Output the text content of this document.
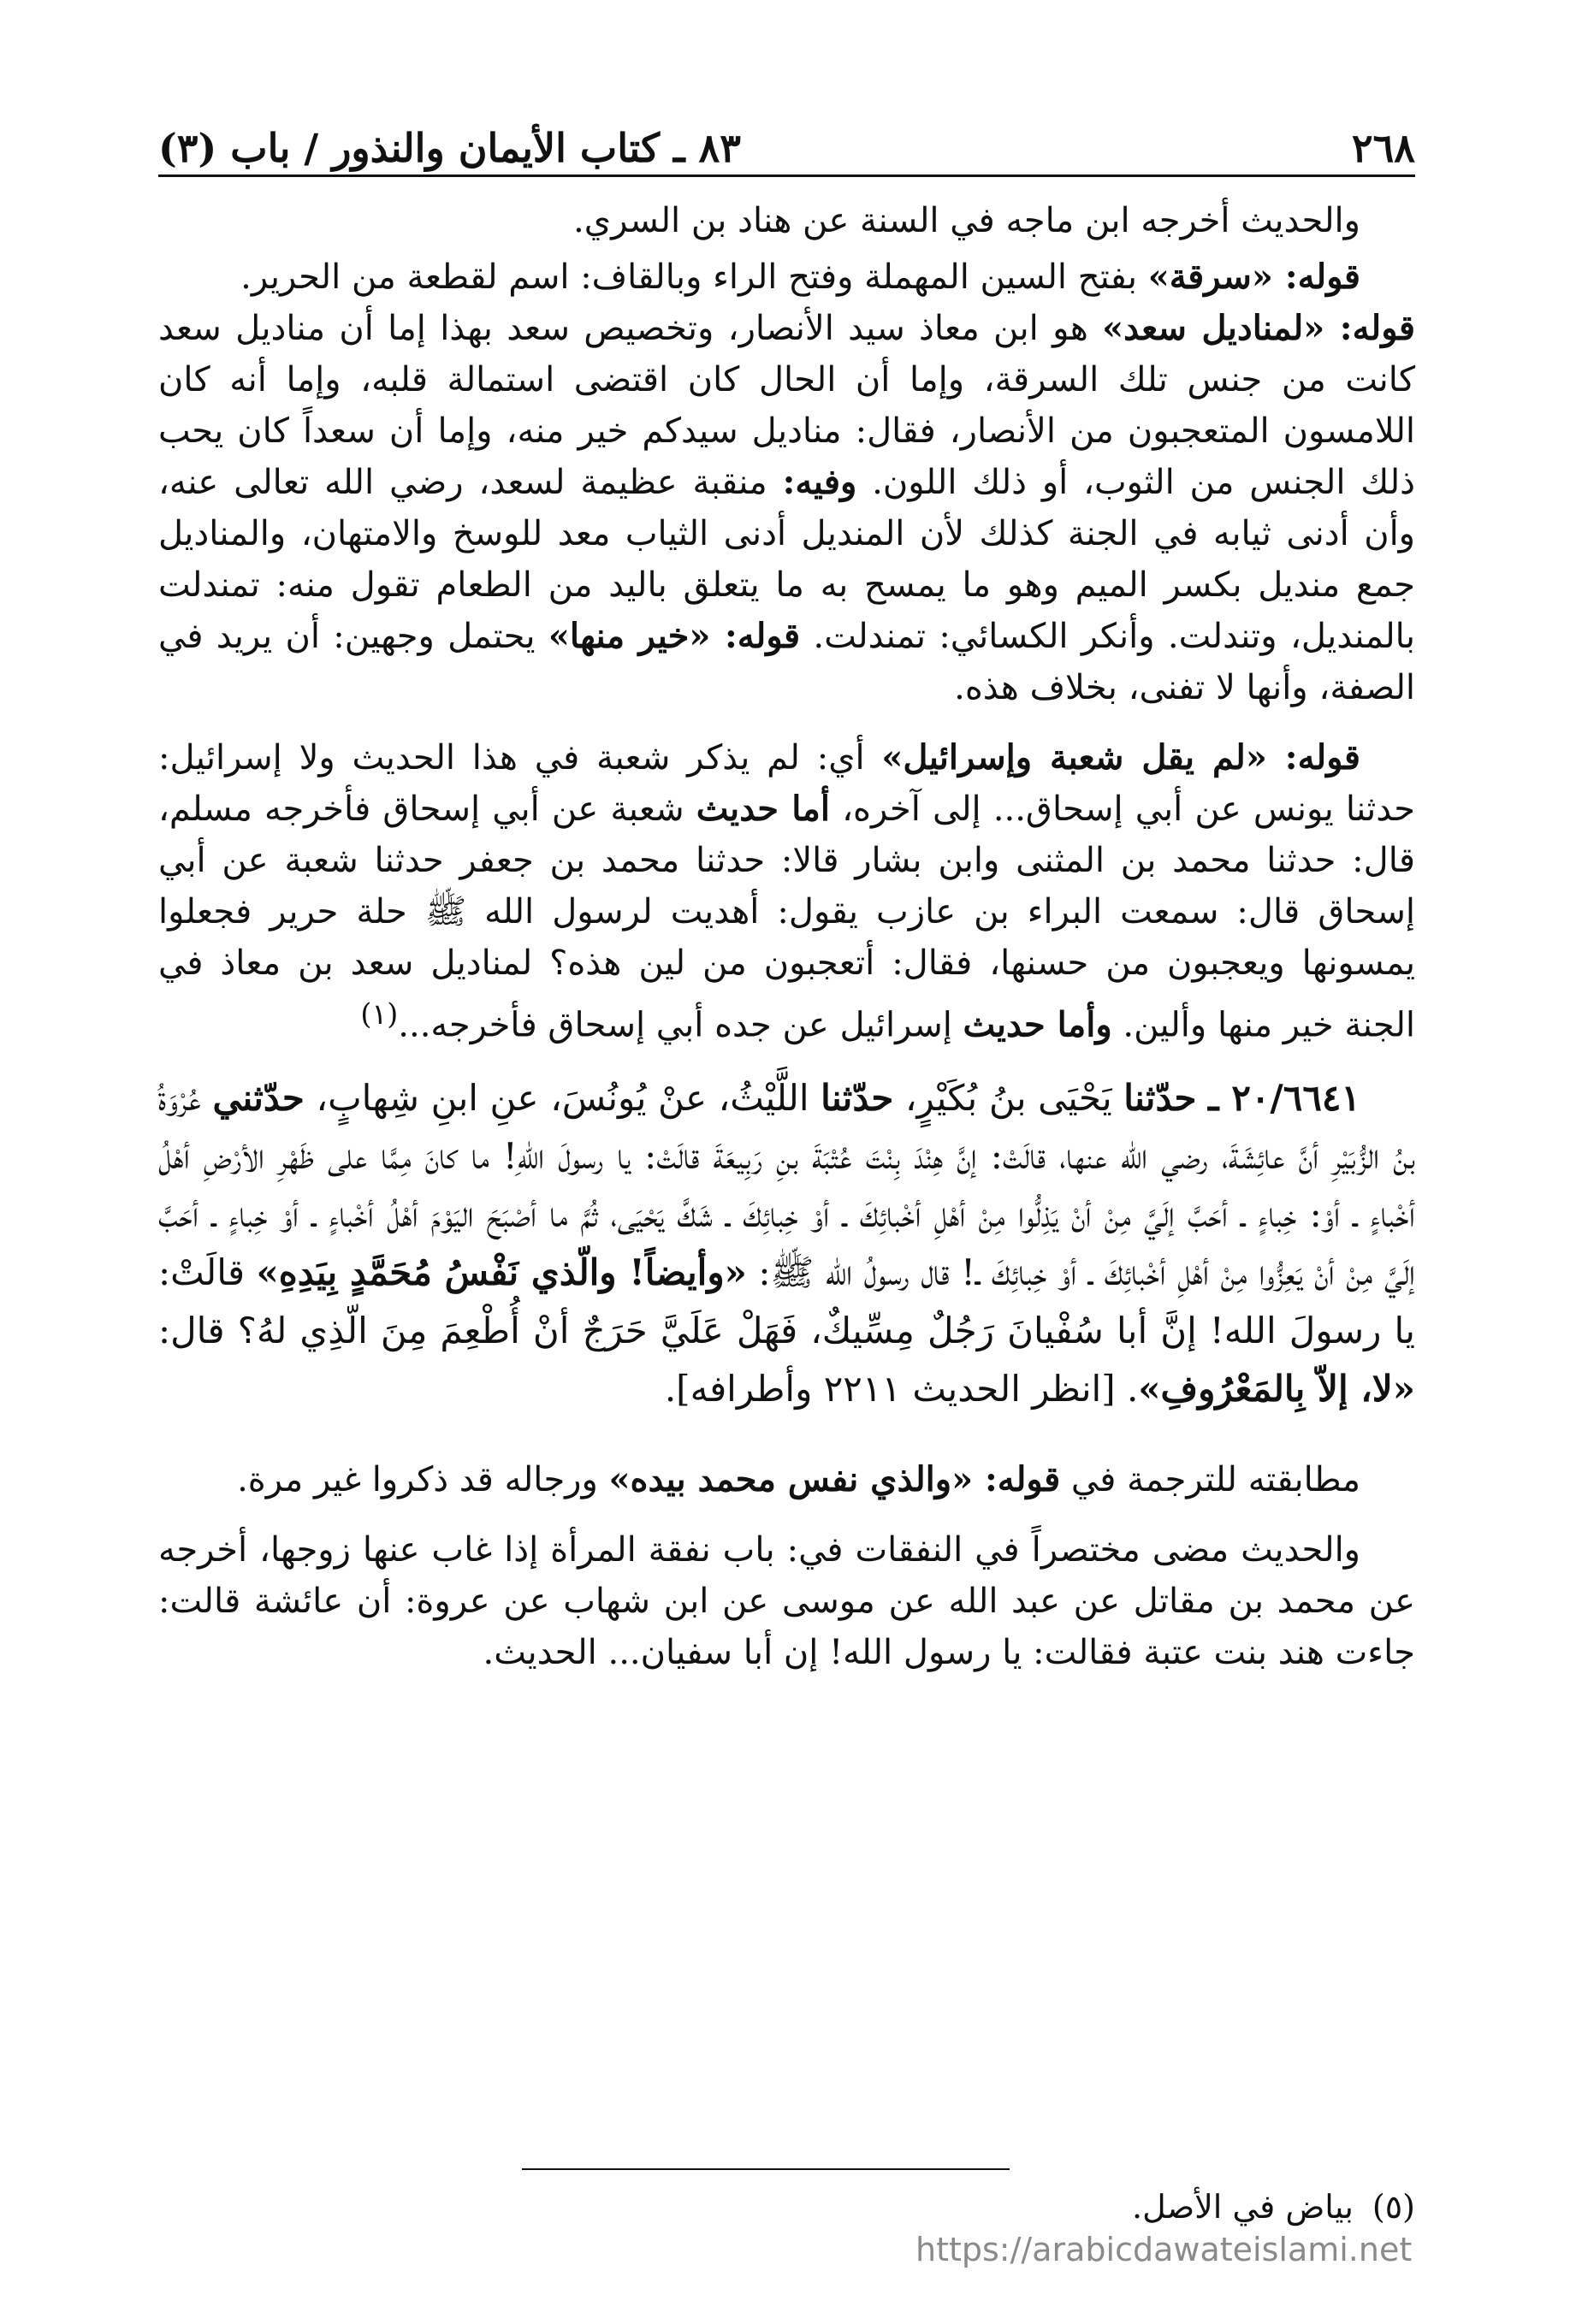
٢٦٨
٨٣ ـ كتاب الأيمان والنذور / باب (٣)

والحديث أخرجه ابن ماجه في السنة عن هناد بن السري.

قوله: «سرقة» بفتح السين المهملة وفتح الراء وبالقاف: اسم لقطعة من الحرير.

قوله: «لمناديل سعد» هو ابن معاذ سيد الأنصار، وتخصيص سعد بهذا إما أن مناديل سعد كانت من جنس تلك السرقة، وإما أن الحال كان اقتضى استمالة قلبه، وإما أنه كان اللامسون المتعجبون من الأنصار، فقال: مناديل سيدكم خير منه، وإما أن سعداً كان يحب ذلك الجنس من الثوب، أو ذلك اللون. وفيه: منقبة عظيمة لسعد، رضي الله تعالى عنه، وأن أدنى ثيابه في الجنة كذلك لأن المنديل أدنى الثياب معد للوسخ والامتهان، والمناديل جمع منديل بكسر الميم وهو ما يمسح به ما يتعلق باليد من الطعام تقول منه: تمندلت بالمنديل، وتندلت. وأنكر الكسائي: تمندلت. قوله: «خير منها» يحتمل وجهين: أن يريد في الصفة، وأنها لا تفنى، بخلاف هذه.

قوله: «لم يقل شعبة وإسرائيل» أي: لم يذكر شعبة في هذا الحديث ولا إسرائيل: حدثنا يونس عن أبي إسحاق... إلى آخره، أما حديث شعبة عن أبي إسحاق فأخرجه مسلم، قال: حدثنا محمد بن المثنى وابن بشار قالا: حدثنا محمد بن جعفر حدثنا شعبة عن أبي إسحاق قال: سمعت البراء بن عازب يقول: أهديت لرسول الله ﷺ حلة حرير فجعلوا يمسونها ويعجبون من حسنها، فقال: أتعجبون من لين هذه؟ لمناديل سعد بن معاذ في الجنة خير منها وألين. وأما حديث إسرائيل عن جده أبي إسحاق فأخرجه...$^{(١)}$

٢٠/٦٦٤١ ـ حدّثنا يَحْيَى بنُ بُكَيْرٍ، حدّثنا اللَّيْثُ، عنْ يُونُسَ، عنِ ابنِ شِهابٍ، حدّثني عُرْوَةُ بنُ الزُّبَيْرِ أنَّ عائِشَةَ، رضي الله عنها، قالَتْ: إنَّ هِنْدَ بِنْتَ عُتْبَةَ بنِ رَبِيعَةَ قالَتْ: يا رسولَ اللهِ! ما كانَ مِمَّا على ظَهْرِ الأرْضِ أهْلُ أخْباءٍ ـ أوْ: خِباءٍ ـ أحَبَّ إلَيَّ مِنْ أنْ يَذِلُّوا مِنْ أهْلِ أخْبائِكَ ـ أوْ خِبائِكَ ـ شَكَّ يَحْيَى، ثُمَّ ما أصْبَحَ اليَوْمَ أهْلُ أخْباءٍ ـ أوْ خِباءٍ ـ أحَبَّ إلَيَّ مِنْ أنْ يَعِزُّوا مِنْ أهْلِ أخْبائِكَ ـ أوْ خِبائِكَ ـ! قال رسولُ الله ﷺ: «وأيضاً! والّذي نَفْسُ مُحَمَّدٍ بِيَدِهِ» قالَتْ: يا رسولَ الله! إنَّ أبا سُفْيانَ رَجُلٌ مِسِّيكٌ، فَهَلْ عَلَيَّ حَرَجٌ أنْ أُطْعِمَ مِنَ الّذِي لهُ؟ قال: «لا، إلاّ بِالمَعْرُوفِ». [انظر الحديث ٢٢١١ وأطرافه].

مطابقته للترجمة في قوله: «والذي نفس محمد بيده» ورجاله قد ذكروا غير مرة.

والحديث مضى مختصراً في النفقات في: باب نفقة المرأة إذا غاب عنها زوجها، أخرجه عن محمد بن مقاتل عن عبد الله عن موسى عن ابن شهاب عن عروة: أن عائشة قالت: جاءت هند بنت عتبة فقالت: يا رسول الله! إن أبا سفيان... الحديث.

(٥)
بياض في الأصل.
https://arabicdawateislami.net
